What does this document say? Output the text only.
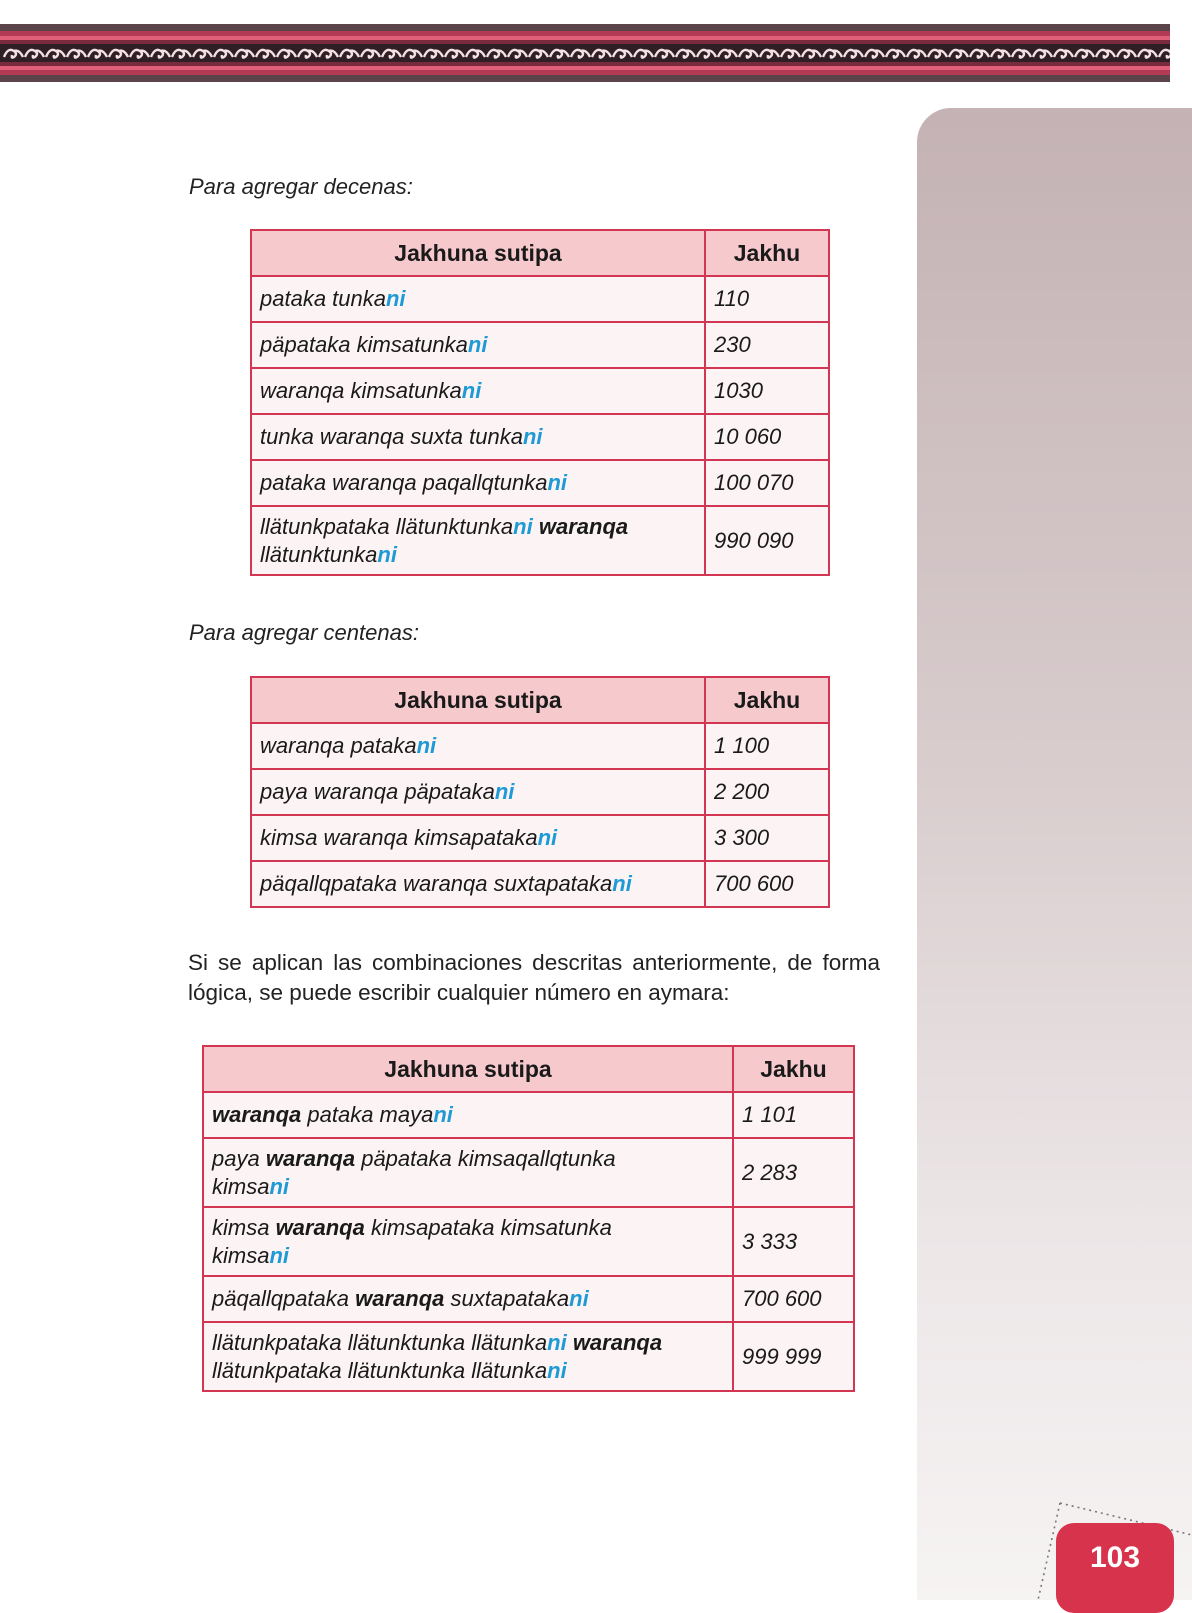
103
Para agregar decenas:
Jakhuna sutipa	Jakhu
pataka tunkani	110
päpataka kimsatunkani	230
waranqa kimsatunkani	1030
tunka waranqa suxta tunkani	10 060
pataka waranqa paqallqtunkani	100 070
llätunkpataka llätunktunkani waranqa
llätunktunkani	990 090
Para agregar centenas:
Jakhuna sutipa	Jakhu
waranqa patakani	1 100
paya waranqa päpatakani	2 200
kimsa waranqa kimsapatakani	3 300
päqallqpataka waranqa suxtapatakani	700 600
Si se aplican las combinaciones descritas anteriormente, de forma lógica, se puede escribir cualquier número en aymara:
Jakhuna sutipa	Jakhu
waranqa pataka mayani	1 101
paya waranqa päpataka kimsaqallqtunka
kimsani	2 283
kimsa waranqa kimsapataka kimsatunka
kimsani	3 333
päqallqpataka waranqa suxtapatakani	700 600
llätunkpataka llätunktunka llätunkani waranqa
llätunkpataka llätunktunka llätunkani	999 999
